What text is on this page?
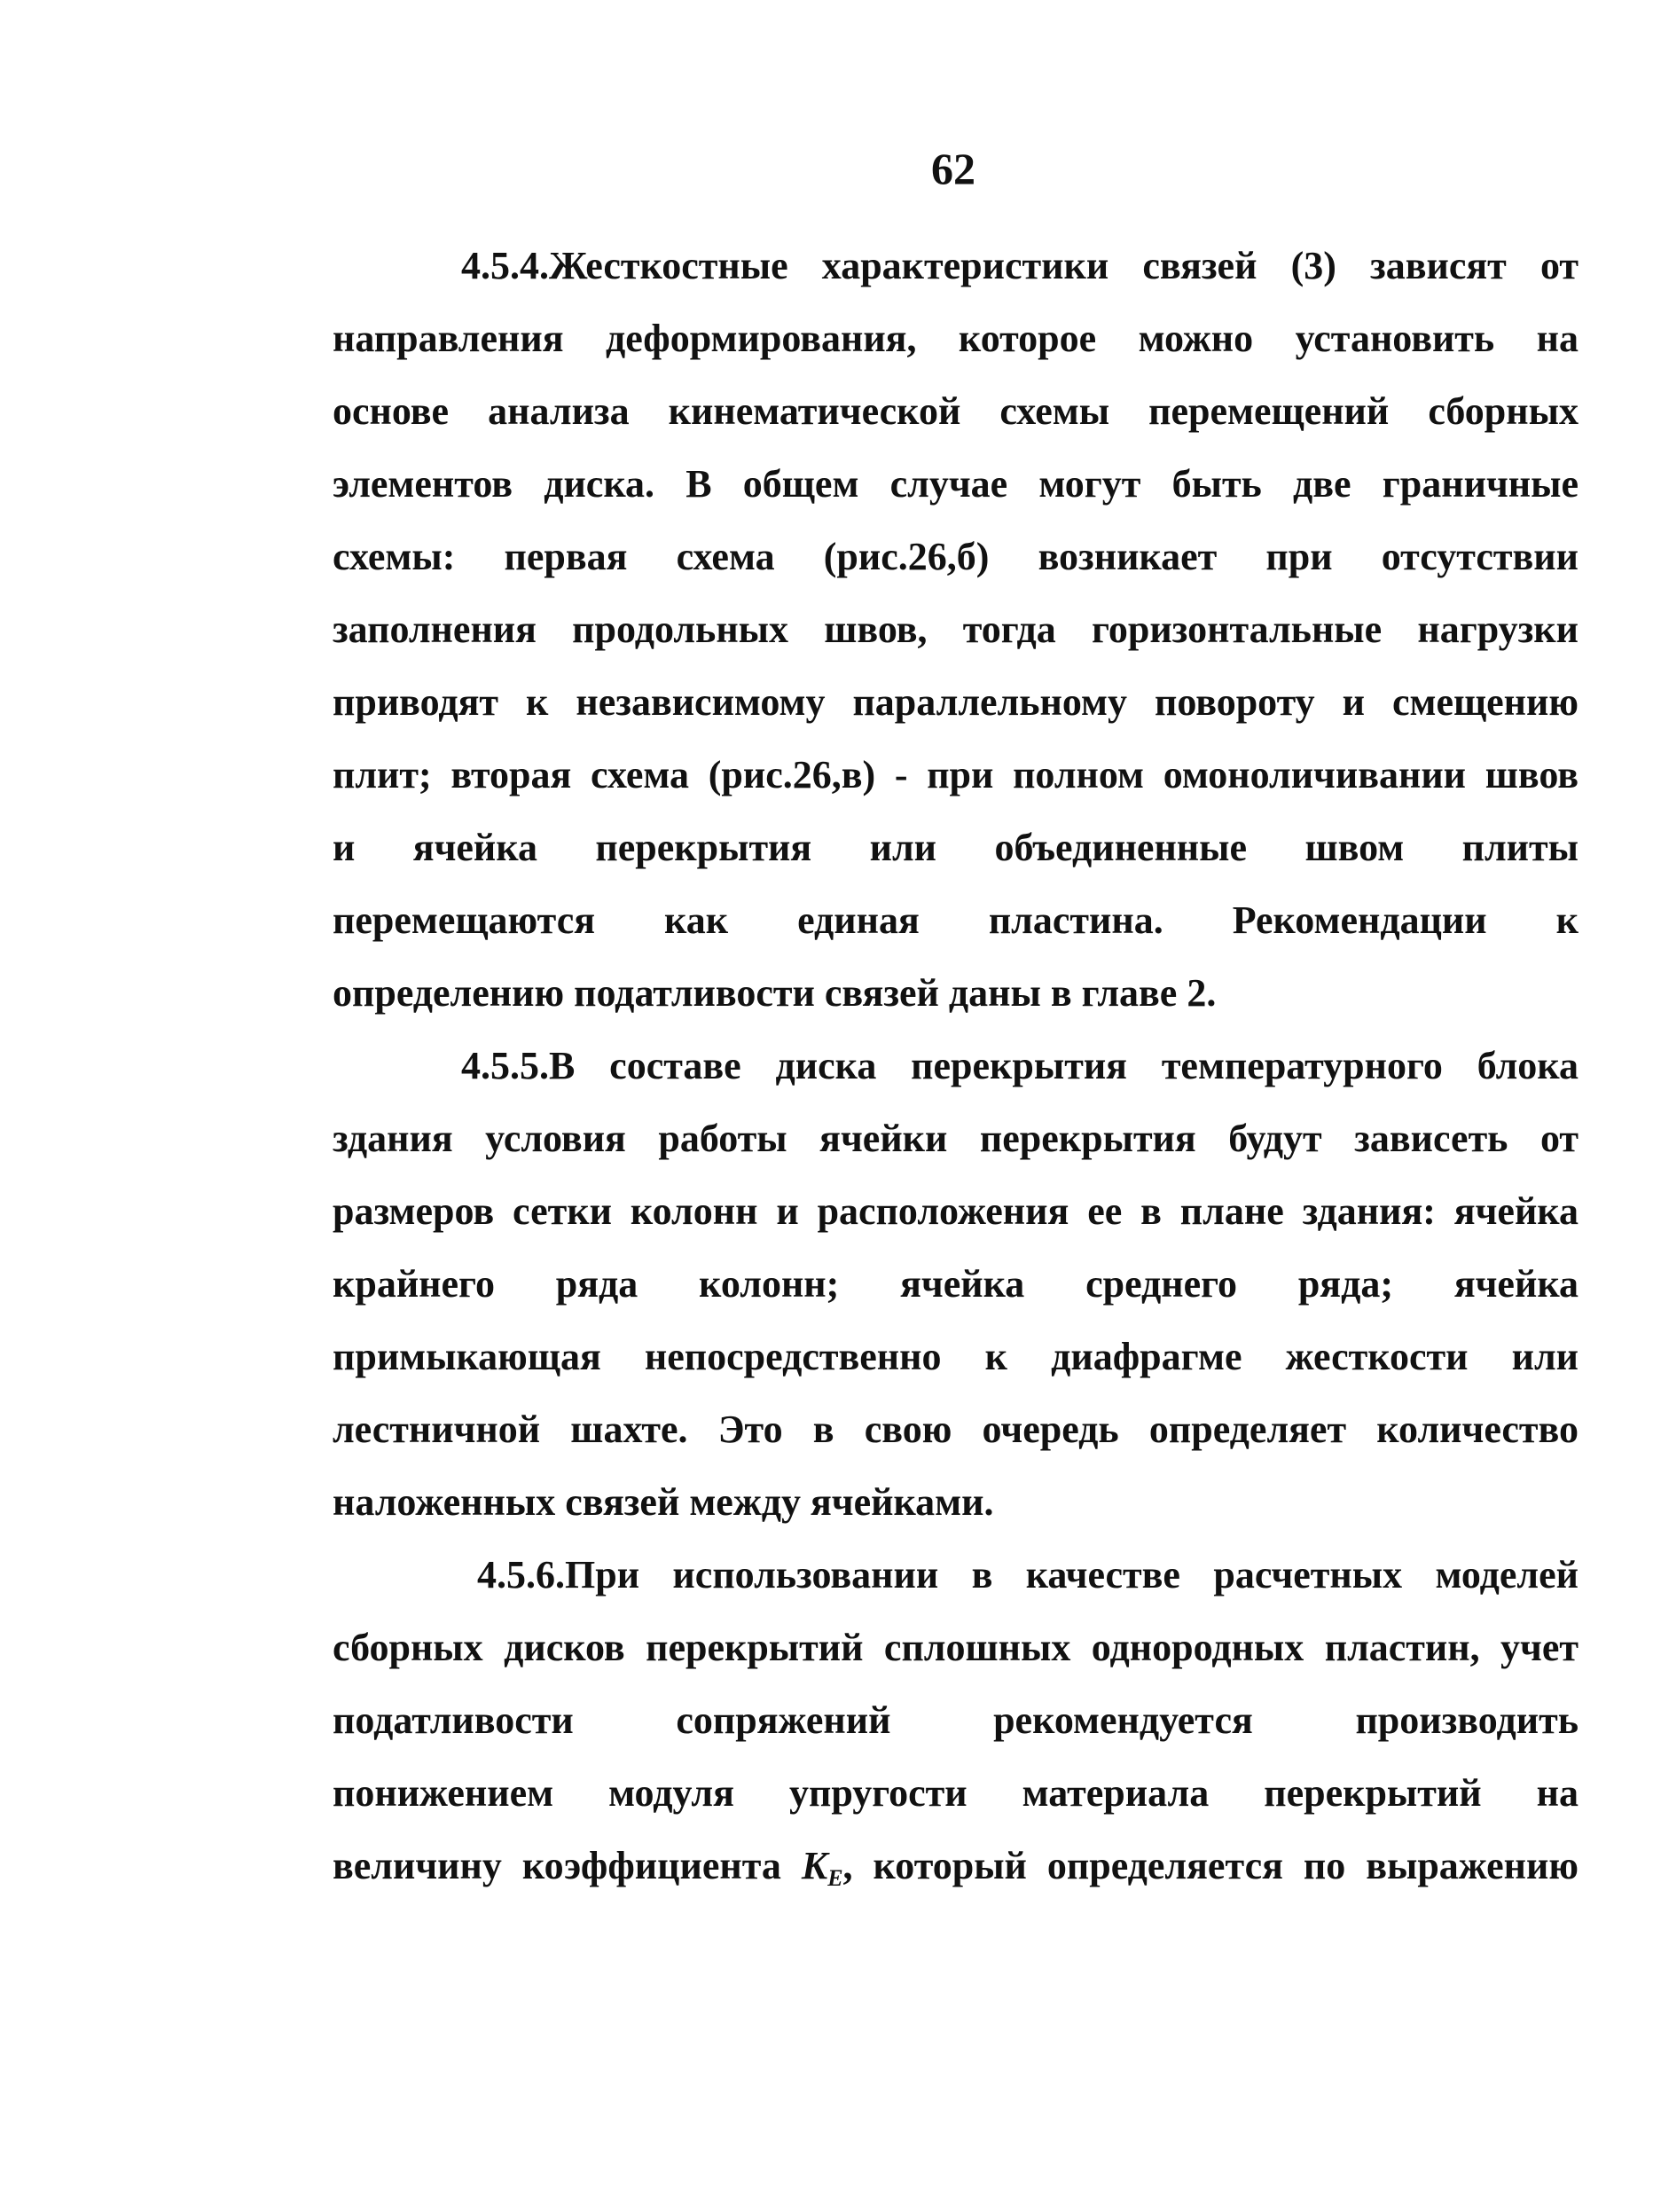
62
4.5.4.Жесткостные характеристики связей (3) зависят от
направления деформирования, которое можно установить на
основе анализа кинематической схемы перемещений сборных
элементов диска. В общем случае могут быть две граничные
схемы: первая схема (рис.26,б) возникает при отсутствии
заполнения продольных швов, тогда горизонтальные нагрузки
приводят к независимому параллельному повороту и смещению
плит; вторая схема (рис.26,в) - при полном омоноличивании швов
и ячейка перекрытия или объединенные швом плиты
перемещаются как единая пластина. Рекомендации к
определению податливости связей даны в главе 2.
4.5.5.В составе диска перекрытия температурного блока
здания условия работы ячейки перекрытия будут зависеть от
размеров сетки колонн и расположения ее в плане здания: ячейка
крайнего ряда колонн; ячейка среднего ряда; ячейка
примыкающая непосредственно к диафрагме жесткости или
лестничной шахте. Это в свою очередь определяет количество
наложенных связей между ячейками.
4.5.6.При использовании в качестве расчетных моделей
сборных дисков перекрытий сплошных однородных пластин, учет
податливости сопряжений рекомендуется производить
понижением модуля упругости материала перекрытий на
величину коэффициента $K_E$, который определяется по выражению
